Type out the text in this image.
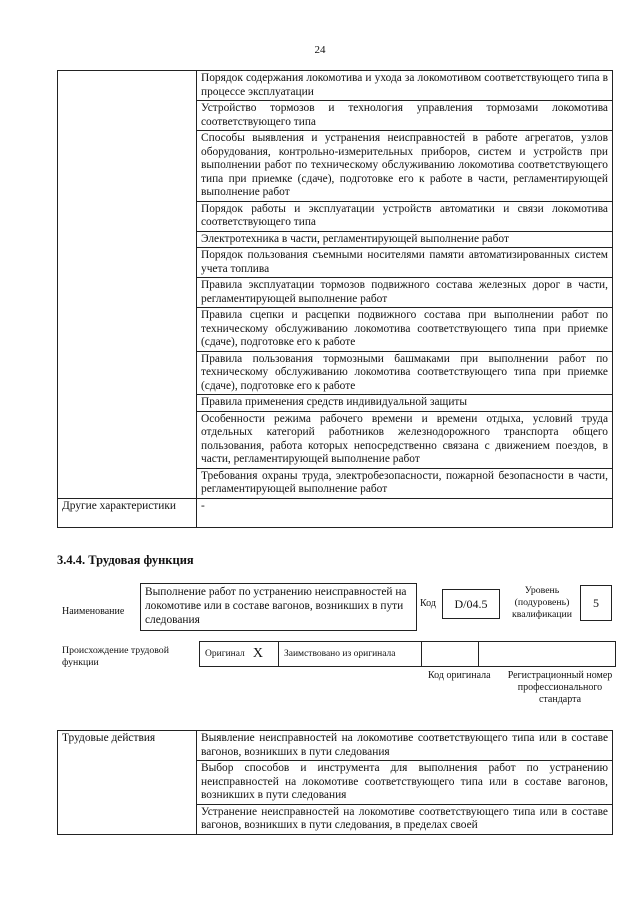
24
	Порядок содержания локомотива и ухода за локомотивом соответствующего типа в процессе эксплуатации
	Устройство тормозов и технология управления тормозами локомотива соответствующего типа
	Способы выявления и устранения неисправностей в работе агрегатов, узлов оборудования, контрольно-измерительных приборов, систем и устройств при выполнении работ по техническому обслуживанию локомотива соответствующего типа при приемке (сдаче), подготовке его к работе в части, регламентирующей выполнение работ
	Порядок работы и эксплуатации устройств автоматики и связи локомотива соответствующего типа
	Электротехника в части, регламентирующей выполнение работ
	Порядок пользования съемными носителями памяти автоматизированных систем учета топлива
	Правила эксплуатации тормозов подвижного состава железных дорог в части, регламентирующей выполнение работ
	Правила сцепки и расцепки подвижного состава при выполнении работ по техническому обслуживанию локомотива соответствующего типа при приемке (сдаче), подготовке его к работе
	Правила пользования тормозными башмаками при выполнении работ по техническому обслуживанию локомотива соответствующего типа при приемке (сдаче), подготовке его к работе
	Правила применения средств индивидуальной защиты
	Особенности режима рабочего времени и времени отдыха, условий труда отдельных категорий работников железнодорожного транспорта общего пользования, работа которых непосредственно связана с движением поездов, в части, регламентирующей выполнение работ
	Требования охраны труда, электробезопасности, пожарной безопасности в части, регламентирующей выполнение работ
Другие характеристики	-
3.4.4. Трудовая функция
Наименование
Выполнение работ по устранению неисправностей на локомотиве или в составе вагонов, возникших в пути следования
Код	D/04.5
Уровень (подуровень) квалификации
5
Происхождение трудовой функции
Оригинал X Заимствовано из оригинала
Код оригинала Регистрационный номер профессионального стандарта
Трудовые действия	Выявление неисправностей на локомотиве соответствующего типа или в составе вагонов, возникших в пути следования
Выбор способов и инструмента для выполнения работ по устранению неисправностей на локомотиве соответствующего типа или в составе вагонов, возникших в пути следования
Устранение неисправностей на локомотиве соответствующего типа или в составе вагонов, возникших в пути следования, в пределах своей
